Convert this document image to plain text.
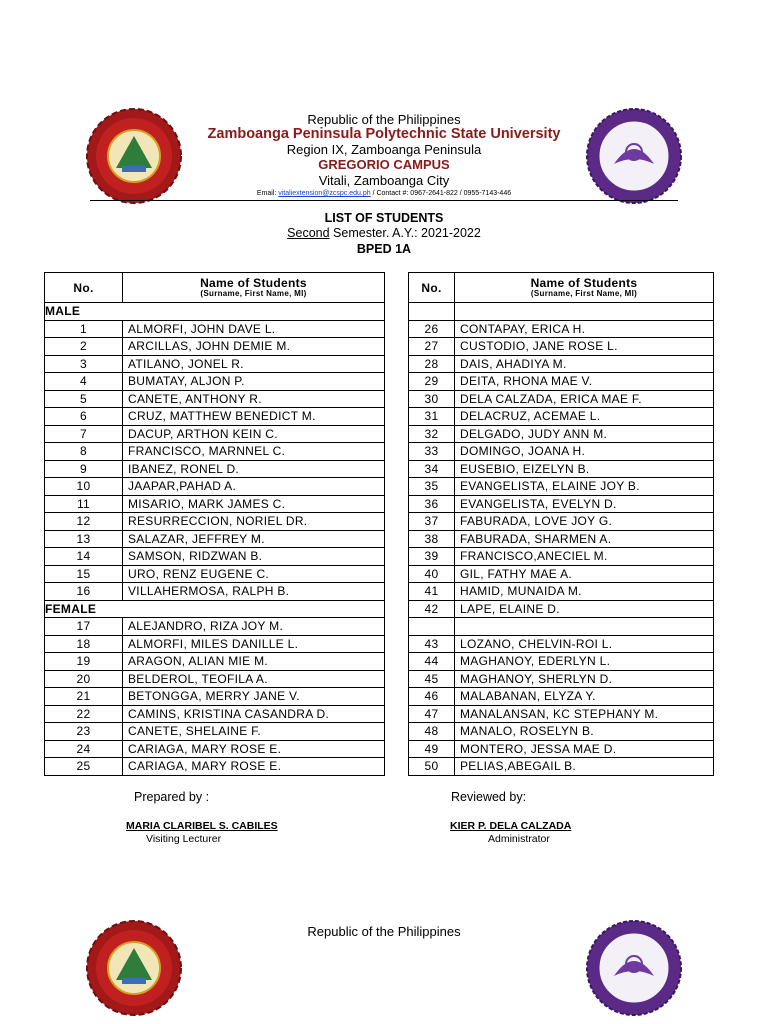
Republic of the Philippines
Zamboanga Peninsula Polytechnic State University
Region IX, Zamboanga Peninsula
GREGORIO CAMPUS
Vitali, Zamboanga City
Email: vitaliextension@zcspc.edu.ph / Contact #: 0967-2641-822 / 0955-7143-446
LIST OF STUDENTS
Second Semester. A.Y.: 2021-2022
BPED 1A
No.	Name of Students
(Surname, First Name, MI)

MALE	
1	ALMORFI, JOHN DAVE L.
2	ARCILLAS, JOHN DEMIE M.
3	ATILANO, JONEL R.
4	BUMATAY, ALJON P.
5	CANETE, ANTHONY R.
6	CRUZ, MATTHEW BENEDICT M.
7	DACUP, ARTHON KEIN C.
8	FRANCISCO, MARNNEL C.
9	IBANEZ, RONEL D.
10	JAAPAR,PAHAD A.
11	MISARIO, MARK JAMES C.
12	RESURRECCION, NORIEL DR.
13	SALAZAR, JEFFREY M.
14	SAMSON, RIDZWAN B.
15	URO, RENZ EUGENE C.
16	VILLAHERMOSA, RALPH B.
FEMALE	
17	ALEJANDRO, RIZA JOY M.
18	ALMORFI, MILES DANILLE L.
19	ARAGON, ALIAN MIE M.
20	BELDEROL, TEOFILA A.
21	BETONGGA, MERRY JANE V.
22	CAMINS, KRISTINA CASANDRA D.
23	CANETE, SHELAINE F.
24	CARIAGA, MARY ROSE E.
25	CARIAGA, MARY ROSE E.
No.	Name of Students
(Surname, First Name, MI)

26	CONTAPAY, ERICA H.
27	CUSTODIO, JANE ROSE L.
28	DAIS, AHADIYA M.
29	DEITA, RHONA MAE V.
30	DELA CALZADA, ERICA MAE F.
31	DELACRUZ, ACEMAE L.
32	DELGADO, JUDY ANN M.
33	DOMINGO, JOANA H.
34	EUSEBIO, EIZELYN B.
35	EVANGELISTA, ELAINE JOY B.
36	EVANGELISTA, EVELYN D.
37	FABURADA, LOVE JOY G.
38	FABURADA, SHARMEN A.
39	FRANCISCO,ANECIEL M.
40	GIL, FATHY MAE A.
41	HAMID, MUNAIDA M.
42	LAPE, ELAINE D.

43	LOZANO, CHELVIN-ROI L.
44	MAGHANOY, EDERLYN L.
45	MAGHANOY, SHERLYN D.
46	MALABANAN, ELYZA Y.
47	MANALANSAN, KC STEPHANY M.
48	MANALO, ROSELYN B.
49	MONTERO, JESSA MAE D.
50	PELIAS,ABEGAIL B.
Prepared by :	Reviewed by:
MARIA CLARIBEL S. CABILES
Visiting Lecturer
KIER P. DELA CALZADA
Administrator
Republic of the Philippines
